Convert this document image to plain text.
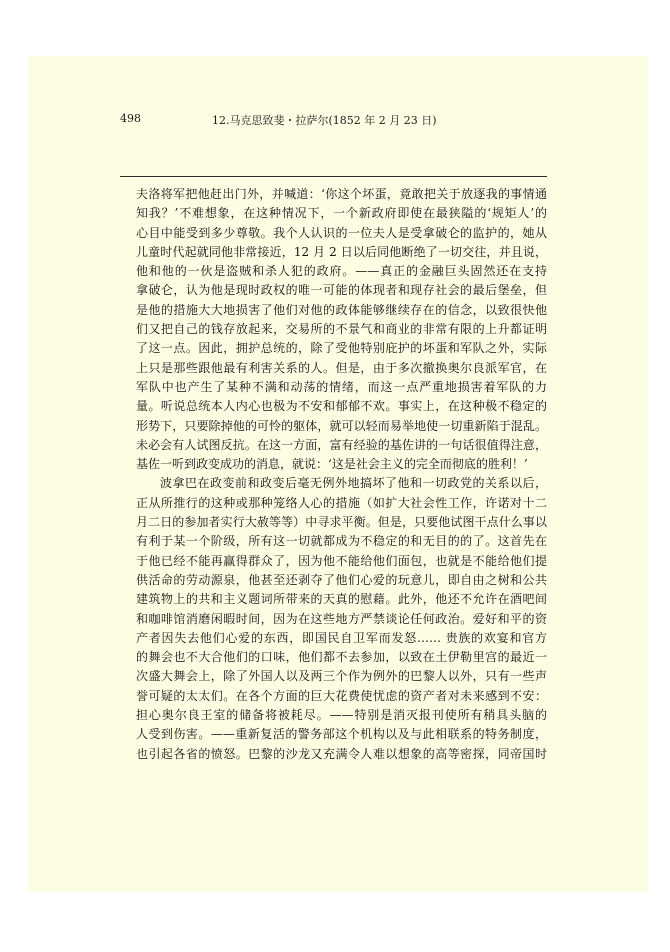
498	12.马克思致斐・拉萨尔(1852 年 2 月 23 日)
夫洛将军把他赶出门外，并喊道：‘你这个坏蛋，竟敢把关于放逐我的事情通
知我？’不难想象，在这种情况下，一个新政府即使在最狭隘的‘规矩人’的
心目中能受到多少尊敬。我个人认识的一位夫人是受拿破仑的监护的，她从
儿童时代起就同他非常接近，12 月 2 日以后同他断绝了一切交往，并且说，
他和他的一伙是盗贼和杀人犯的政府。——真正的金融巨头固然还在支持
拿破仑，认为他是现时政权的唯一可能的体现者和现存社会的最后堡垒，但
是他的措施大大地损害了他们对他的政体能够继续存在的信念，以致很快他
们又把自己的钱存放起来，交易所的不景气和商业的非常有限的上升都证明
了这一点。因此，拥护总统的，除了受他特别庇护的坏蛋和军队之外，实际
上只是那些跟他最有利害关系的人。但是，由于多次撤换奥尔良派军官，在
军队中也产生了某种不满和动荡的情绪，而这一点严重地损害着军队的力
量。听说总统本人内心也极为不安和郁郁不欢。事实上，在这种极不稳定的
形势下，只要除掉他的可怜的躯体，就可以轻而易举地使一切重新陷于混乱。
未必会有人试图反抗。在这一方面，富有经验的基佐讲的一句话很值得注意，
基佐一听到政变成功的消息，就说：‘这是社会主义的完全而彻底的胜利！’
波拿巴在政变前和政变后毫无例外地搞坏了他和一切政党的关系以后，
正从所推行的这种或那种笼络人心的措施（如扩大社会性工作，许诺对十二
月二日的参加者实行大赦等等）中寻求平衡。但是，只要他试图干点什么事以
有利于某一个阶级，所有这一切就都成为不稳定的和无目的的了。这首先在
于他已经不能再赢得群众了，因为他不能给他们面包，也就是不能给他们提
供活命的劳动源泉，他甚至还剥夺了他们心爱的玩意儿，即自由之树和公共
建筑物上的共和主义题词所带来的天真的慰藉。此外，他还不允许在酒吧间
和咖啡馆消磨闲暇时间，因为在这些地方严禁谈论任何政治。爱好和平的资
产者因失去他们心爱的东西，即国民自卫军而发怒…… 贵族的欢宴和官方
的舞会也不大合他们的口味，他们都不去参加，以致在土伊勒里宫的最近一
次盛大舞会上，除了外国人以及两三个作为例外的巴黎人以外，只有一些声
誉可疑的太太们。在各个方面的巨大花费使忧虑的资产者对未来感到不安：
担心奥尔良王室的储备将被耗尽。——特别是消灭报刊使所有稍具头脑的
人受到伤害。——重新复活的警务部这个机构以及与此相联系的特务制度，
也引起各省的愤怒。巴黎的沙龙又充满令人难以想象的高等密探，同帝国时
